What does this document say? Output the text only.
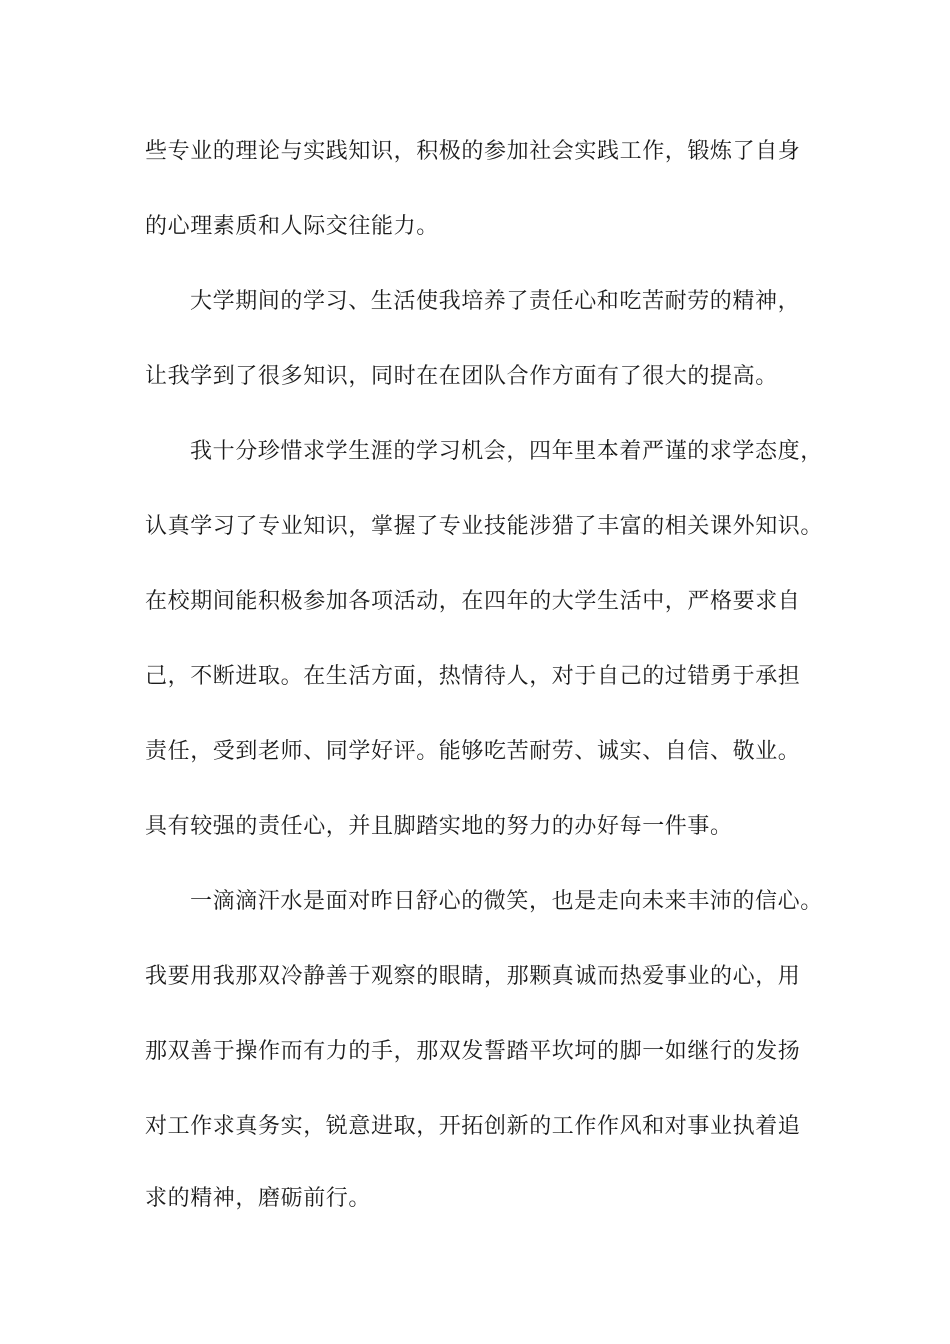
些专业的理论与实践知识，积极的参加社会实践工作，锻炼了自身
的心理素质和人际交往能力。
大学期间的学习、生活使我培养了责任心和吃苦耐劳的精神，
让我学到了很多知识，同时在在团队合作方面有了很大的提高。
我十分珍惜求学生涯的学习机会，四年里本着严谨的求学态度，
认真学习了专业知识，掌握了专业技能涉猎了丰富的相关课外知识。
在校期间能积极参加各项活动，在四年的大学生活中，严格要求自
己，不断进取。在生活方面，热情待人，对于自己的过错勇于承担
责任，受到老师、同学好评。能够吃苦耐劳、诚实、自信、敬业。
具有较强的责任心，并且脚踏实地的努力的办好每一件事。
一滴滴汗水是面对昨日舒心的微笑，也是走向未来丰沛的信心。
我要用我那双冷静善于观察的眼睛，那颗真诚而热爱事业的心，用
那双善于操作而有力的手，那双发誓踏平坎坷的脚一如继行的发扬
对工作求真务实，锐意进取，开拓创新的工作作风和对事业执着追
求的精神，磨砺前行。
